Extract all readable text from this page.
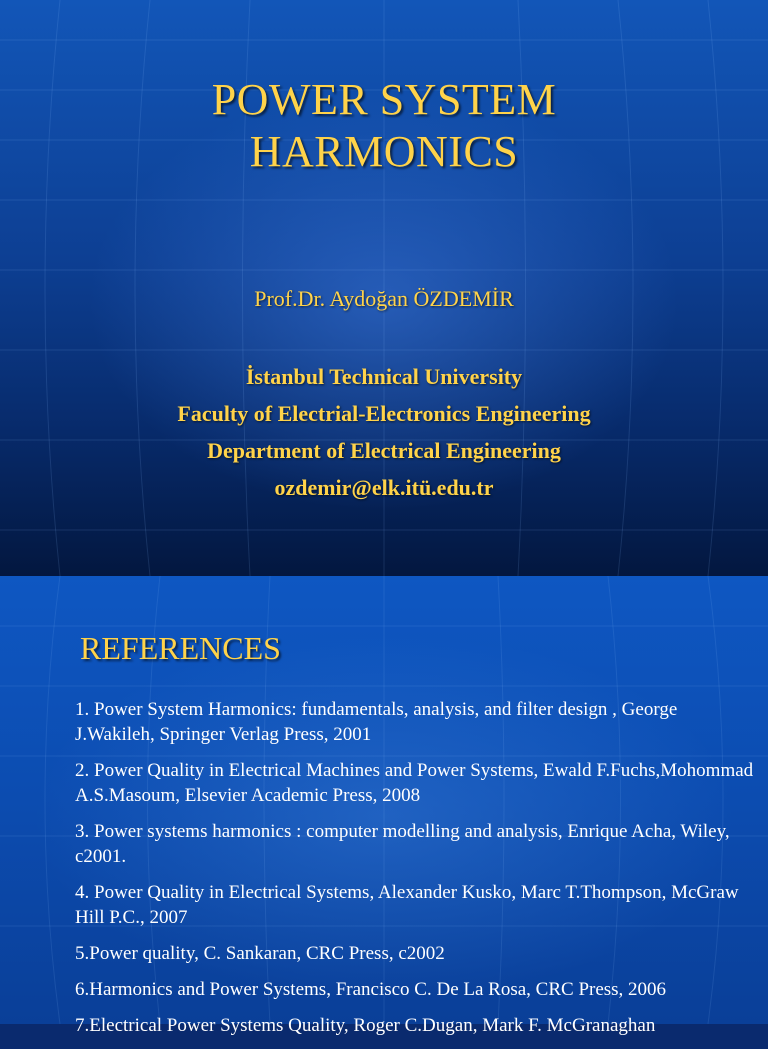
POWER SYSTEM
HARMONICS
Prof.Dr. Aydoğan ÖZDEMİR
İstanbul Technical University
Faculty of Electrial-Electronics Engineering
Department of Electrical Engineering
ozdemir@elk.itü.edu.tr
REFERENCES
1. Power System Harmonics: fundamentals, analysis, and filter design , George J.Wakileh, Springer Verlag Press, 2001
2. Power Quality in Electrical Machines and Power Systems, Ewald F.Fuchs,Mohommad A.S.Masoum, Elsevier Academic Press, 2008
3. Power systems harmonics : computer modelling and analysis, Enrique Acha, Wiley, c2001.
4. Power Quality in Electrical Systems, Alexander Kusko, Marc T.Thompson, McGraw Hill P.C., 2007
5.Power quality, C. Sankaran, CRC Press, c2002
6.Harmonics and Power Systems, Francisco C. De La Rosa, CRC Press, 2006
7.Electrical Power Systems Quality, Roger C.Dugan, Mark F. McGranaghan
